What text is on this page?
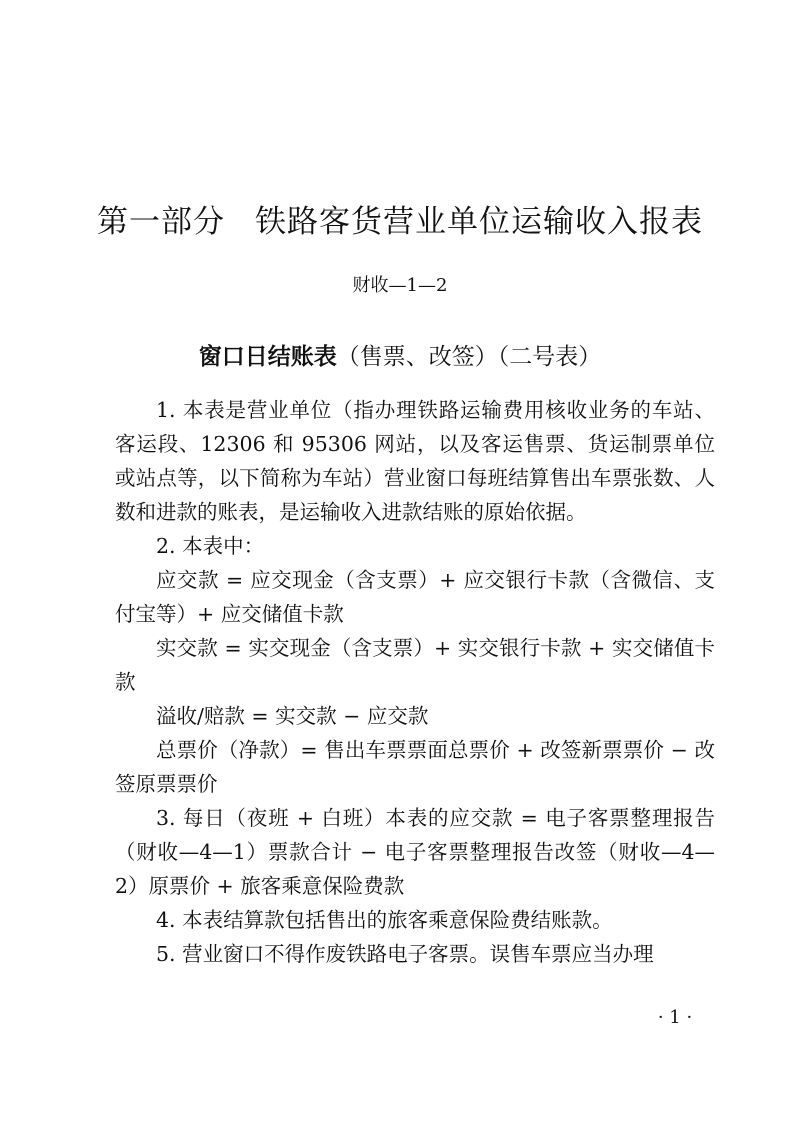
第一部分 铁路客货营业单位运输收入报表
财收—1—2
窗口日结账表（售票、改签）（二号表）

1. 本表是营业单位（指办理铁路运输费用核收业务的车站、客运段、12306 和 95306 网站，以及客运售票、货运制票单位或站点等，以下简称为车站）营业窗口每班结算售出车票张数、人数和进款的账表，是运输收入进款结账的原始依据。

2. 本表中：

应交款 = 应交现金（含支票）+ 应交银行卡款（含微信、支付宝等）+ 应交储值卡款

实交款 = 实交现金（含支票）+ 实交银行卡款 + 实交储值卡款

溢收/赔款 = 实交款 − 应交款

总票价（净款）= 售出车票票面总票价 + 改签新票票价 − 改签原票票价

3. 每日（夜班 + 白班）本表的应交款 = 电子客票整理报告（财收—4—1）票款合计 − 电子客票整理报告改签（财收—4—2）原票价 + 旅客乘意保险费款

4. 本表结算款包括售出的旅客乘意保险费结账款。

5. 营业窗口不得作废铁路电子客票。误售车票应当办理

· 1 ·
